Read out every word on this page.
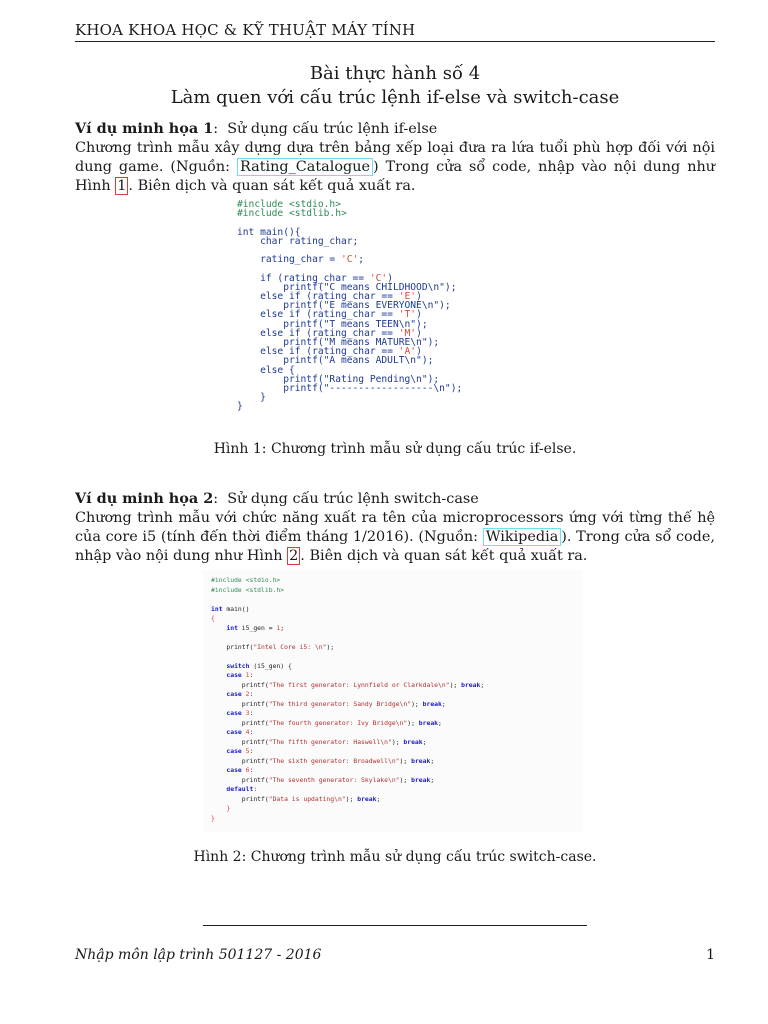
KHOA KHOA HỌC & KỸ THUẬT MÁY TÍNH
Bài thực hành số 4
Làm quen với cấu trúc lệnh if-else và switch-case
Ví dụ minh họa 1: Sử dụng cấu trúc lệnh if-else
Chương trình mẫu xây dựng dựa trên bảng xếp loại đưa ra lứa tuổi phù hợp đối với nội dung game. (Nguồn: Rating_Catalogue ) Trong cửa sổ code, nhập vào nội dung như Hình 1 . Biên dịch và quan sát kết quả xuất ra.
#include <stdio.h>
#include <stdlib.h>

int main(){
char rating_char;

rating_char = 'C';

if (rating_char == 'C')
printf("C means CHILDHOOD\n");
else if (rating_char == 'E')
printf("E means EVERYONE\n");
else if (rating_char == 'T')
printf("T means TEEN\n");
else if (rating_char == 'M')
printf("M means MATURE\n");
else if (rating_char == 'A')
printf("A means ADULT\n");
else {
printf("Rating Pending\n");
printf("------------------\n");
}
}
Hình 1: Chương trình mẫu sử dụng cấu trúc if-else.
Ví dụ minh họa 2: Sử dụng cấu trúc lệnh switch-case
Chương trình mẫu với chức năng xuất ra tên của microprocessors ứng với từng thế hệ của core i5 (tính đến thời điểm tháng 1/2016). (Nguồn: Wikipedia ). Trong cửa sổ code, nhập vào nội dung như Hình 2 . Biên dịch và quan sát kết quả xuất ra.
#include <stdio.h>
#include <stdlib.h>

int main()
{
int i5_gen = 1;

printf("Intel Core i5: \n");

switch (i5_gen) {
case 1:
printf("The first generator: Lynnfield or Clarkdale\n"); break;
case 2:
printf("The third generator: Sandy Bridge\n"); break;
case 3:
printf("The fourth generator: Ivy Bridge\n"); break;
case 4:
printf("The fifth generator: Haswell\n"); break;
case 5:
printf("The sixth generator: Broadwell\n"); break;
case 6:
printf("The seventh generator: Skylake\n"); break;
default:
printf("Data is updating\n"); break;
}
}
Hình 2: Chương trình mẫu sử dụng cấu trúc switch-case.
Nhập môn lập trình 501127 - 2016	1
